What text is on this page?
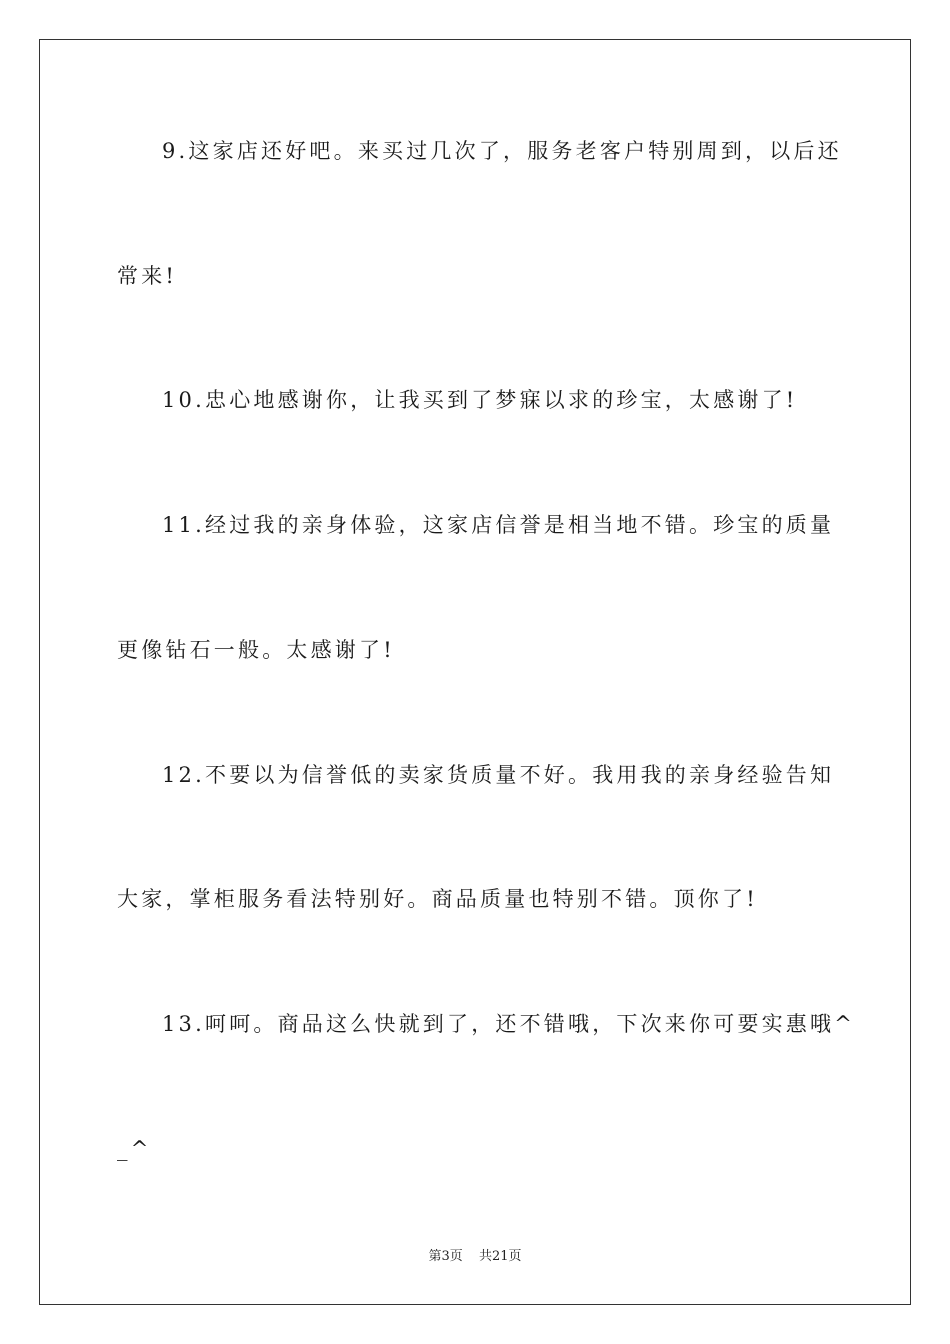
9.这家店还好吧。来买过几次了，服务老客户特别周到，以后还
常来!
10.忠心地感谢你，让我买到了梦寐以求的珍宝，太感谢了!
11.经过我的亲身体验，这家店信誉是相当地不错。珍宝的质量
更像钻石一般。太感谢了!
12.不要以为信誉低的卖家货质量不好。我用我的亲身经验告知
大家，掌柜服务看法特别好。商品质量也特别不错。顶你了!
13.呵呵。商品这么快就到了，还不错哦，下次来你可要实惠哦^
_^
第3页 共21页
